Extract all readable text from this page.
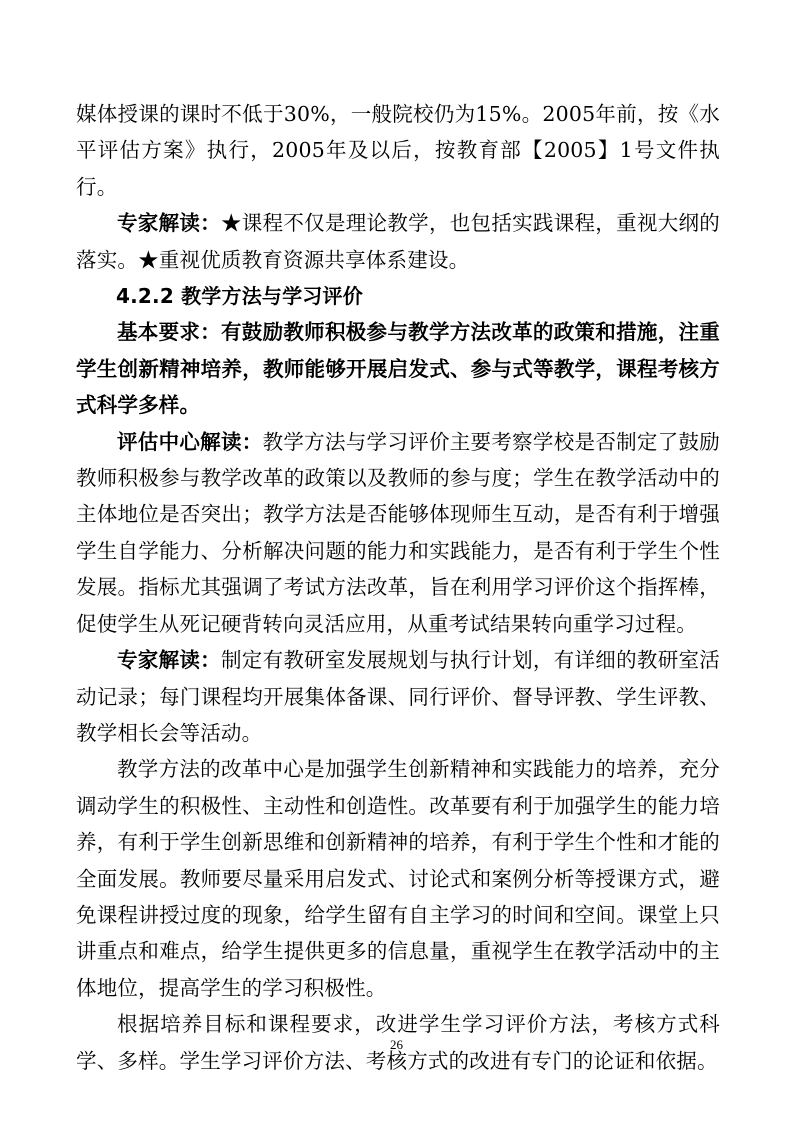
媒体授课的课时不低于30%，一般院校仍为15%。2005年前，按《水平评估方案》执行，2005年及以后，按教育部【2005】1号文件执行。

专家解读：★课程不仅是理论教学，也包括实践课程，重视大纲的落实。★重视优质教育资源共享体系建设。

4.2.2 教学方法与学习评价

基本要求：有鼓励教师积极参与教学方法改革的政策和措施，注重学生创新精神培养，教师能够开展启发式、参与式等教学，课程考核方式科学多样。

评估中心解读：教学方法与学习评价主要考察学校是否制定了鼓励教师积极参与教学改革的政策以及教师的参与度；学生在教学活动中的主体地位是否突出；教学方法是否能够体现师生互动，是否有利于增强学生自学能力、分析解决问题的能力和实践能力，是否有利于学生个性发展。指标尤其强调了考试方法改革，旨在利用学习评价这个指挥棒，促使学生从死记硬背转向灵活应用，从重考试结果转向重学习过程。

专家解读：制定有教研室发展规划与执行计划，有详细的教研室活动记录；每门课程均开展集体备课、同行评价、督导评教、学生评教、教学相长会等活动。

教学方法的改革中心是加强学生创新精神和实践能力的培养，充分调动学生的积极性、主动性和创造性。改革要有利于加强学生的能力培养，有利于学生创新思维和创新精神的培养，有利于学生个性和才能的全面发展。教师要尽量采用启发式、讨论式和案例分析等授课方式，避免课程讲授过度的现象，给学生留有自主学习的时间和空间。课堂上只讲重点和难点，给学生提供更多的信息量，重视学生在教学活动中的主体地位，提高学生的学习积极性。

根据培养目标和课程要求，改进学生学习评价方法，考核方式科学、多样。学生学习评价方法、考核方式的改进有专门的论证和依据。

26
